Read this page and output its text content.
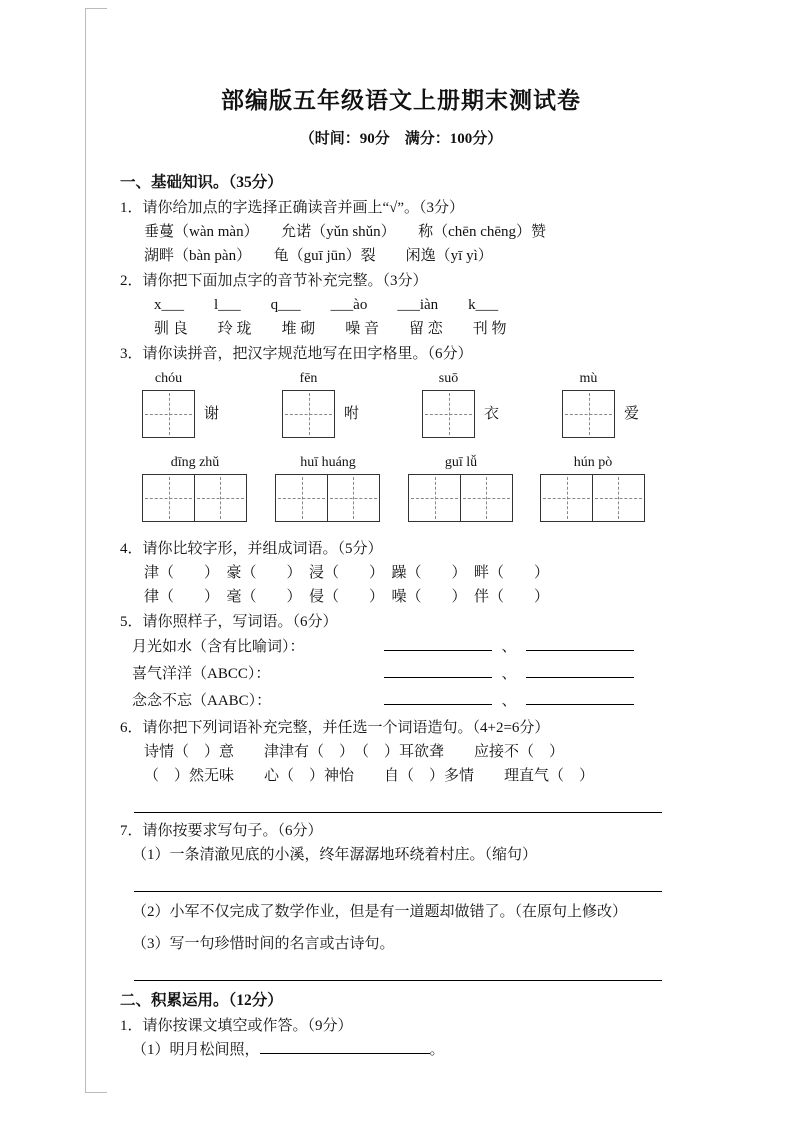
部编版五年级语文上册期末测试卷
（时间：90分　满分：100分）
一、基础知识。（35分）
1．请你给加点的字选择正确读音并画上“√”。（3分）
垂蔓（wàn màn）　　允诺（yǔn shǔn）　　称（chēn chēng）赞
湖畔（bàn pàn）　　龟（guī jūn）裂　　闲逸（yī yì）
2．请你把下面加点字的音节补充完整。（3分）
x___　　l___　　q___　　___ào　　___iàn　　k___
驯 良　　玲 珑　　堆 砌　　噪 音　　留 恋　　刊 物
3．请你读拼音，把汉字规范地写在田字格里。（6分）
chóu
谢
fēn
咐
suō
衣
mù
爱
dīng zhǔ	huī huáng	guī lǚ	hún pò
4．请你比较字形，并组成词语。（5分）
津（　　）　豪（　　）　浸（　　）　躁（　　）　畔（　　）
律（　　）　毫（　　）　侵（　　）　噪（　　）　伴（　　）
5．请你照样子，写词语。（6分）
月光如水（含有比喻词）：	、
喜气洋洋（ABCC）：	、
念念不忘（AABC）：	、
6．请你把下列词语补充完整，并任选一个词语造句。（4+2=6分）
诗情（　）意　　津津有（　）　（　）耳欲聋　　应接不（　）
（　）然无味　　心（　）神怡　　自（　）多情　　理直气（　）
7．请你按要求写句子。（6分）
（1）一条清澈见底的小溪，终年潺潺地环绕着村庄。（缩句）
（2）小军不仅完成了数学作业，但是有一道题却做错了。（在原句上修改）
（3）写一句珍惜时间的名言或古诗句。
二、积累运用。（12分）
1．请你按课文填空或作答。（9分）
（1）明月松间照，	。
